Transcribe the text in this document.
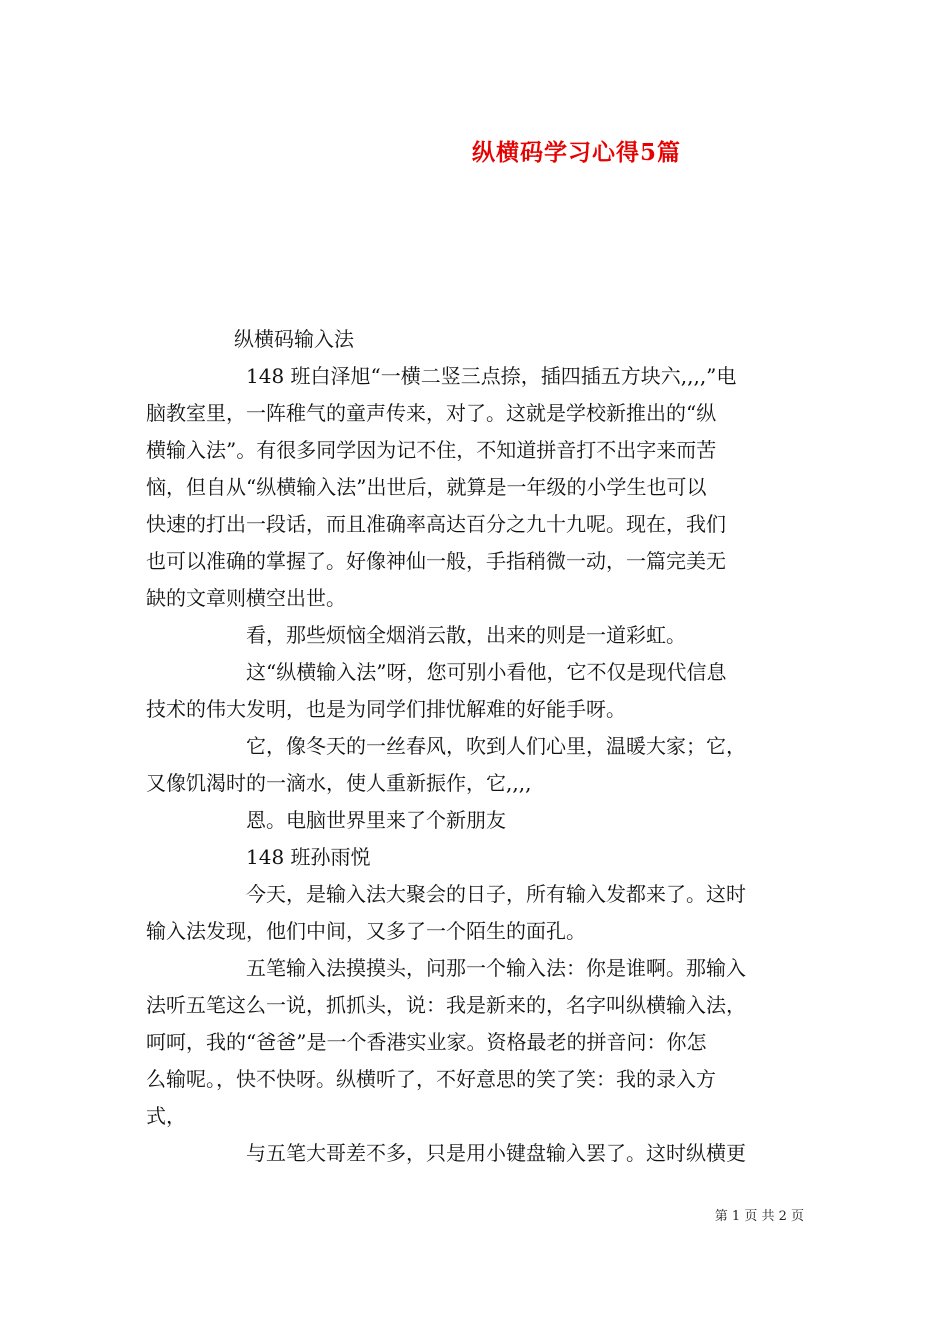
纵横码学习心得5篇

纵横码输入法

148 班白泽旭“一横二竖三点捺，插四插五方块六,,,,”电

脑教室里，一阵稚气的童声传来，对了。这就是学校新推出的“纵

横输入法”。有很多同学因为记不住，不知道拼音打不出字来而苦

恼，但自从“纵横输入法”出世后，就算是一年级的小学生也可以

快速的打出一段话，而且准确率高达百分之九十九呢。现在，我们

也可以准确的掌握了。好像神仙一般，手指稍微一动，一篇完美无

缺的文章则横空出世。

看，那些烦恼全烟消云散，出来的则是一道彩虹。

这“纵横输入法”呀，您可别小看他，它不仅是现代信息

技术的伟大发明，也是为同学们排忧解难的好能手呀。

它，像冬天的一丝春风，吹到人们心里，温暖大家；它，

又像饥渴时的一滴水，使人重新振作，它,,,,

恩。电脑世界里来了个新朋友

148 班孙雨悦

今天，是输入法大聚会的日子，所有输入发都来了。这时

输入法发现，他们中间，又多了一个陌生的面孔。

五笔输入法摸摸头，问那一个输入法：你是谁啊。那输入

法听五笔这么一说，抓抓头，说：我是新来的，名字叫纵横输入法，

呵呵，我的“爸爸”是一个香港实业家。资格最老的拼音问：你怎

么输呢。，快不快呀。纵横听了，不好意思的笑了笑：我的录入方

式，

与五笔大哥差不多，只是用小键盘输入罢了。这时纵横更

第 1 页 共 2 页
